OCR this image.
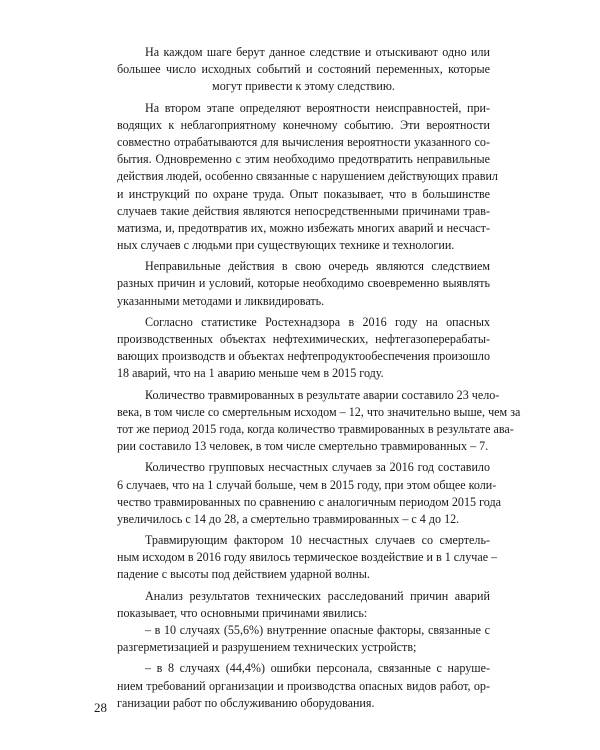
На каждом шаге берут данное следствие и отыскивают одно или
большее число исходных событий и состояний переменных, которые
могут привести к этому следствию.
На втором этапе определяют вероятности неисправностей, при-
водящих к неблагоприятному конечному событию. Эти вероятности
совместно отрабатываются для вычисления вероятности указанного со-
бытия. Одновременно с этим необходимо предотвратить неправильные
действия людей, особенно связанные с нарушением действующих правил
и инструкций по охране труда. Опыт показывает, что в большинстве
случаев такие действия являются непосредственными причинами трав-
матизма, и, предотвратив их, можно избежать многих аварий и несчаст-
ных случаев с людьми при существующих технике и технологии.
Неправильные действия в свою очередь являются следствием
разных причин и условий, которые необходимо своевременно выявлять
указанными методами и ликвидировать.
Согласно статистике Ростехнадзора в 2016 году на опасных
производственных объектах нефтехимических, нефтегазоперерабаты-
вающих производств и объектах нефтепродуктообеспечения произошло
18 аварий, что на 1 аварию меньше чем в 2015 году.
Количество травмированных в результате аварии составило 23 чело-
века, в том числе со смертельным исходом – 12, что значительно выше, чем за
тот же период 2015 года, когда количество травмированных в результате ава-
рии составило 13 человек, в том числе смертельно травмированных – 7.
Количество групповых несчастных случаев за 2016 год составило
6 случаев, что на 1 случай больше, чем в 2015 году, при этом общее коли-
чество травмированных по сравнению с аналогичным периодом 2015 года
увеличилось с 14 до 28, а смертельно травмированных – с 4 до 12.
Травмирующим фактором 10 несчастных случаев со смертель-
ным исходом в 2016 году явилось термическое воздействие и в 1 случае –
падение с высоты под действием ударной волны.
Анализ результатов технических расследований причин аварий
показывает, что основными причинами явились:
– в 10 случаях (55,6%) внутренние опасные факторы, связанные с
разгерметизацией и разрушением технических устройств;
– в 8 случаях (44,4%) ошибки персонала, связанные с наруше-
нием требований организации и производства опасных видов работ, ор-
ганизации работ по обслуживанию оборудования.
28
